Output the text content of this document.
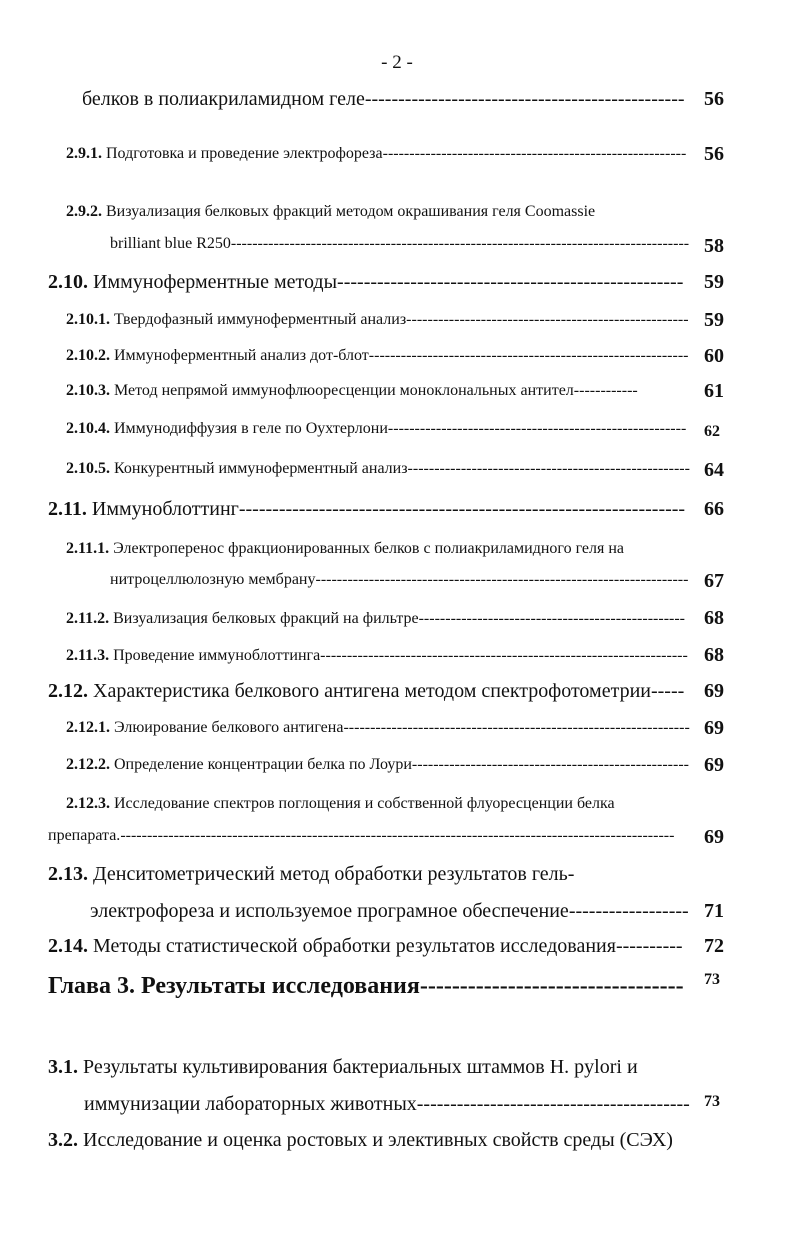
- 2 -
белков в полиакриламидном геле------------------------------------------------ 56
2.9.1. Подготовка и проведение электрофореза--------------------------------------------------------- 56
2.9.2. Визуализация белковых фракций методом окрашивания геля Coomassie
brilliant blue R250-------------------------------------------------------------------------------------- 58
2.10. Иммуноферментные методы---------------------------------------------------- 59
2.10.1. Твердофазный иммуноферментный анализ----------------------------------------------------- 59
2.10.2. Иммуноферментный анализ дот-блот------------------------------------------------------------ 60
2.10.3. Метод непрямой иммунофлюоресценции моноклональных антител------------	61
2.10.4. Иммунодиффузия в геле по Оухтерлони-------------------------------------------------------- 62
2.10.5. Конкурентный иммуноферментный анализ----------------------------------------------------- 64
2.11. Иммуноблоттинг------------------------------------------------------------------- 66
2.11.1. Электроперенос фракционированных белков с полиакриламидного геля на
нитроцеллюлозную мембрану---------------------------------------------------------------------- 67
2.11.2. Визуализация белковых фракций на фильтре-------------------------------------------------- 68
2.11.3. Проведение иммуноблоттинга--------------------------------------------------------------------- 68
2.12. Характеристика белкового антигена методом спектрофотометрии----- 69
2.12.1. Элюирование белкового антигена----------------------------------------------------------------- 69
2.12.2. Определение концентрации белка по Лоури---------------------------------------------------- 69
2.12.3. Исследование спектров поглощения и собственной флуоресценции белка
препарата.-------------------------------------------------------------------------------------------------------- 69
2.13. Денситометрический метод обработки результатов гель-
электрофореза и используемое програмное обеспечение------------------ 71
2.14. Методы статистической обработки результатов исследования---------- 72
Глава 3. Результаты исследования--------------------------------- 73
3.1. Результаты культивирования бактериальных штаммов H. pylori и
иммунизации лабораторных животных----------------------------------------- 73
3.2. Исследование и оценка ростовых и элективных свойств среды (СЭХ)
